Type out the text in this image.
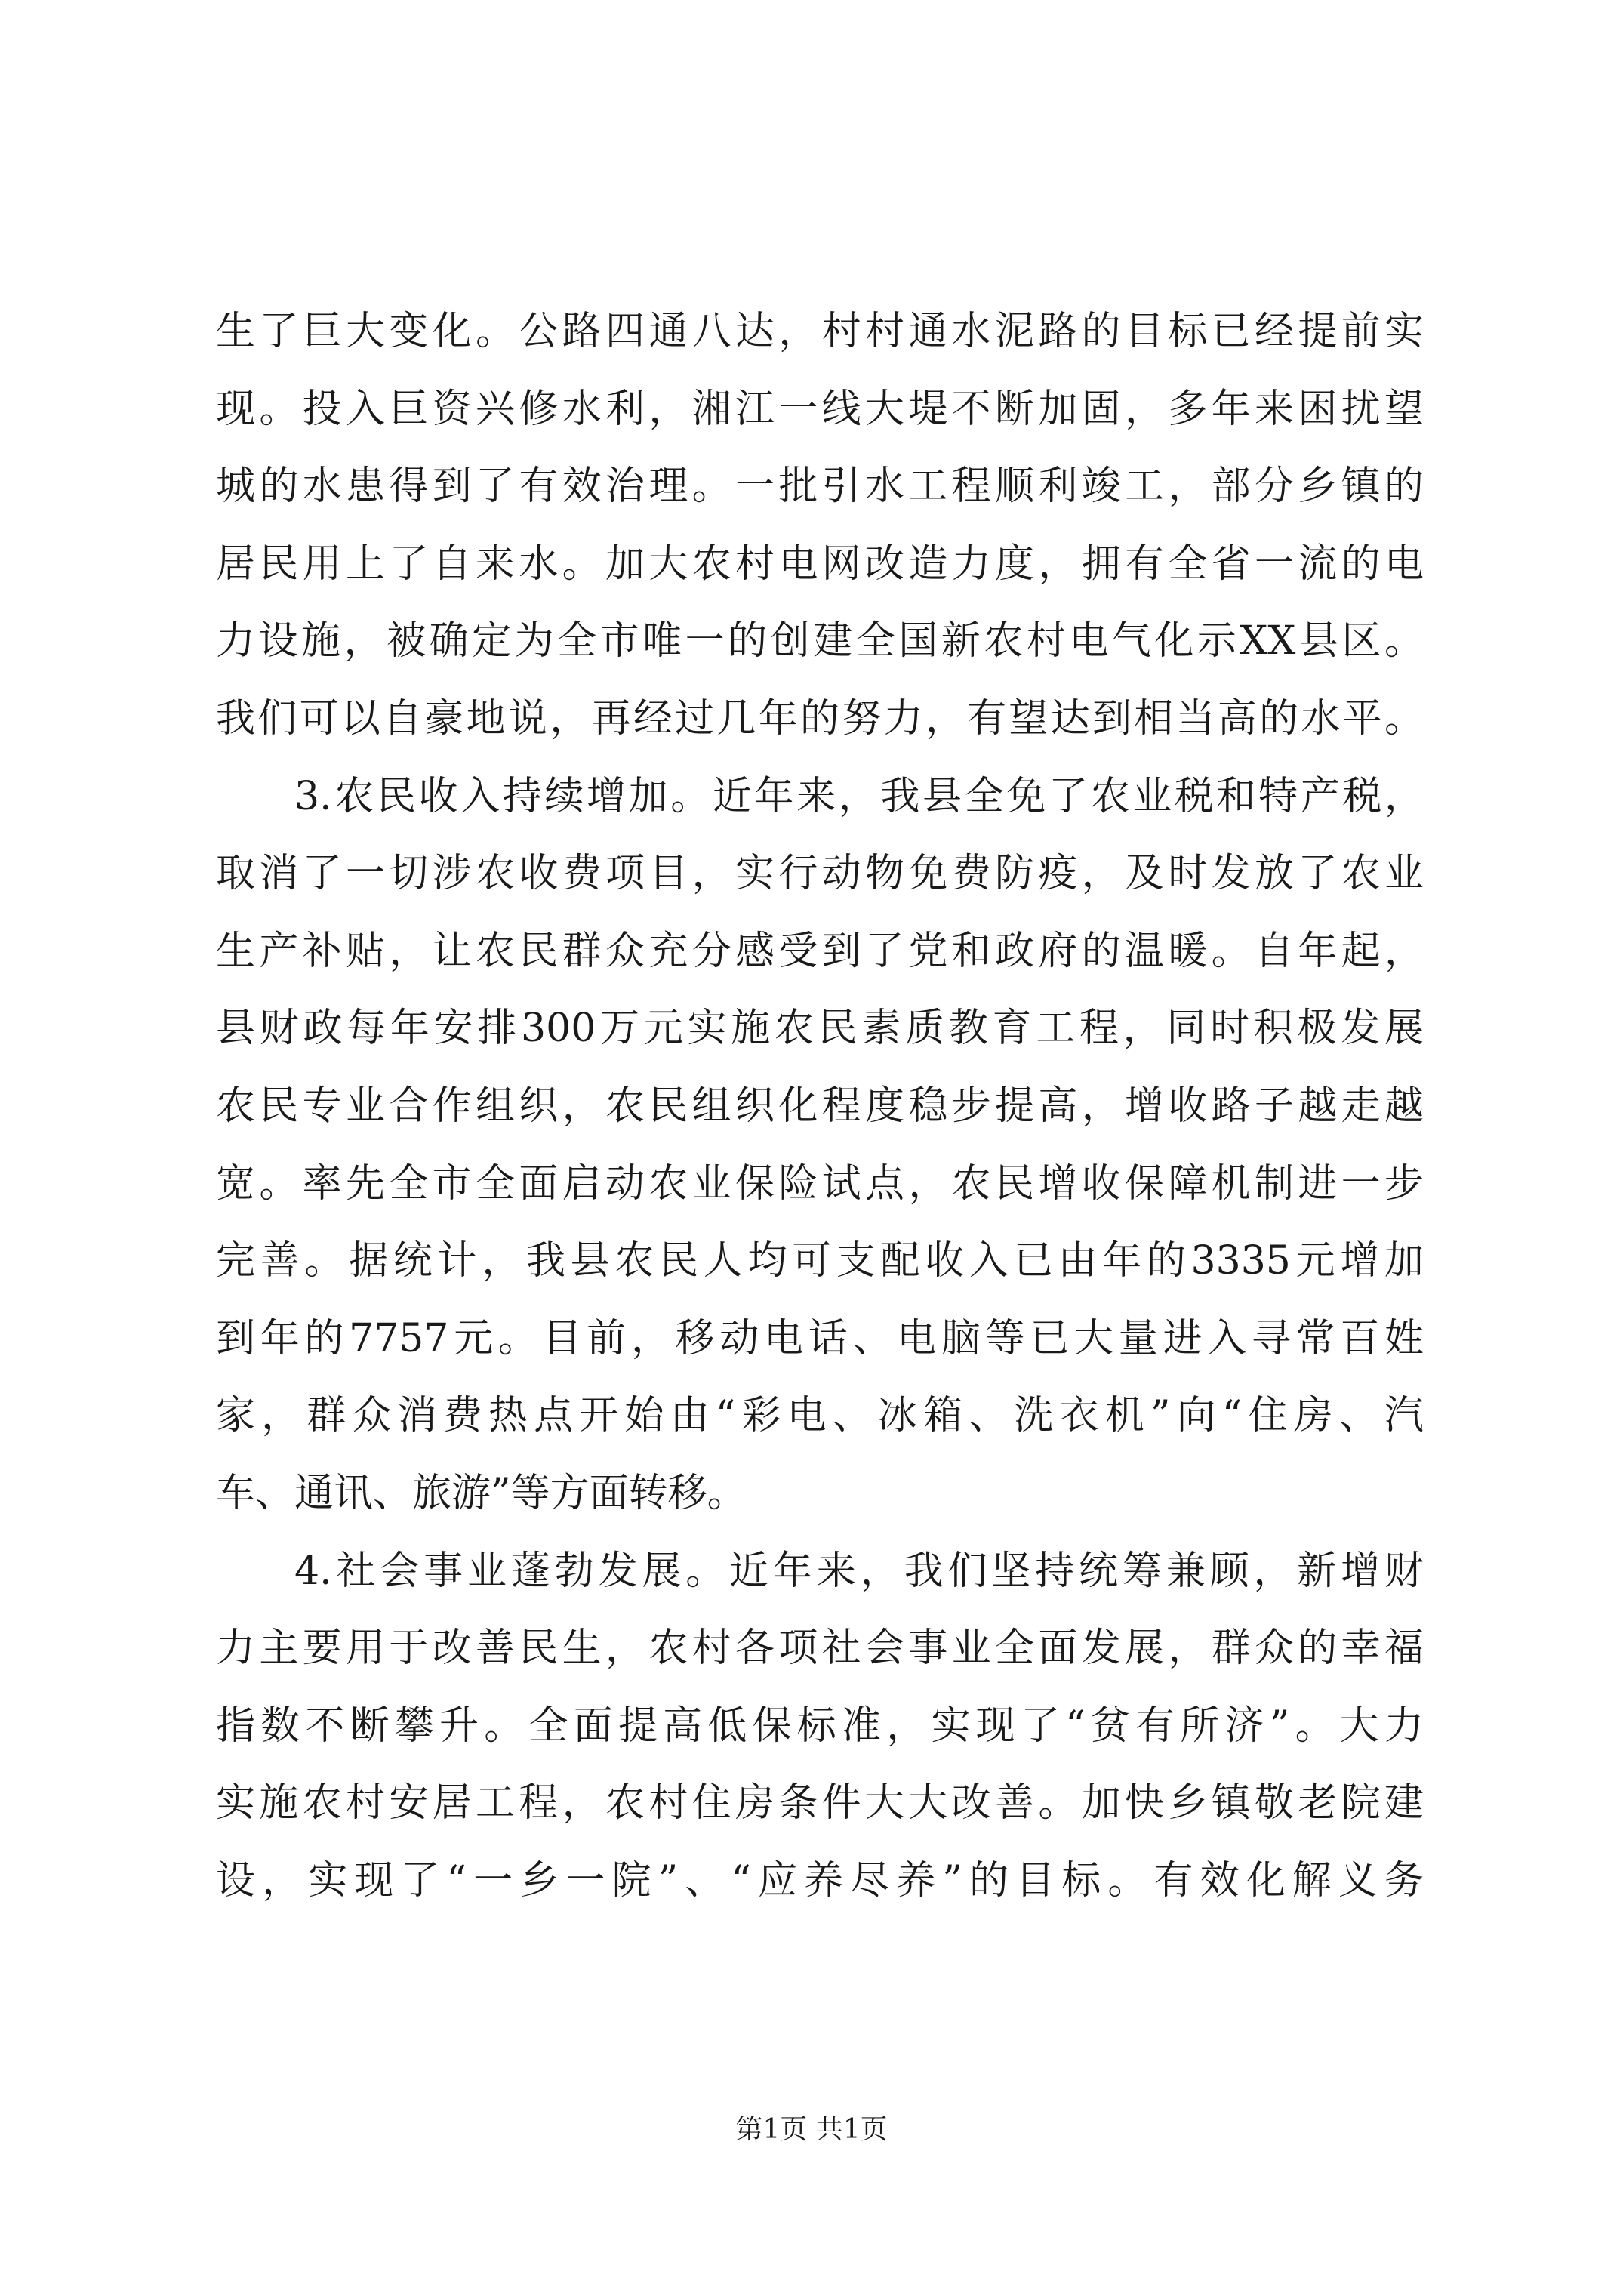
生了巨大变化。公路四通八达，村村通水泥路的目标已经提前实
现。投入巨资兴修水利，湘江一线大堤不断加固，多年来困扰望
城的水患得到了有效治理。一批引水工程顺利竣工，部分乡镇的
居民用上了自来水。加大农村电网改造力度，拥有全省一流的电
力设施，被确定为全市唯一的创建全国新农村电气化示XX县区。
我们可以自豪地说，再经过几年的努力，有望达到相当高的水平。
3.农民收入持续增加。近年来，我县全免了农业税和特产税，
取消了一切涉农收费项目，实行动物免费防疫，及时发放了农业
生产补贴，让农民群众充分感受到了党和政府的温暖。自年起，
县财政每年安排300万元实施农民素质教育工程，同时积极发展
农民专业合作组织，农民组织化程度稳步提高，增收路子越走越
宽。率先全市全面启动农业保险试点，农民增收保障机制进一步
完善。据统计，我县农民人均可支配收入已由年的3335元增加
到年的7757元。目前，移动电话、电脑等已大量进入寻常百姓
家，群众消费热点开始由“彩电、冰箱、洗衣机”向“住房、汽
车、通讯、旅游”等方面转移。
4.社会事业蓬勃发展。近年来，我们坚持统筹兼顾，新增财
力主要用于改善民生，农村各项社会事业全面发展，群众的幸福
指数不断攀升。全面提高低保标准，实现了“贫有所济”。大力
实施农村安居工程，农村住房条件大大改善。加快乡镇敬老院建
设，实现了“一乡一院”、“应养尽养”的目标。有效化解义务
第1页 共1页
